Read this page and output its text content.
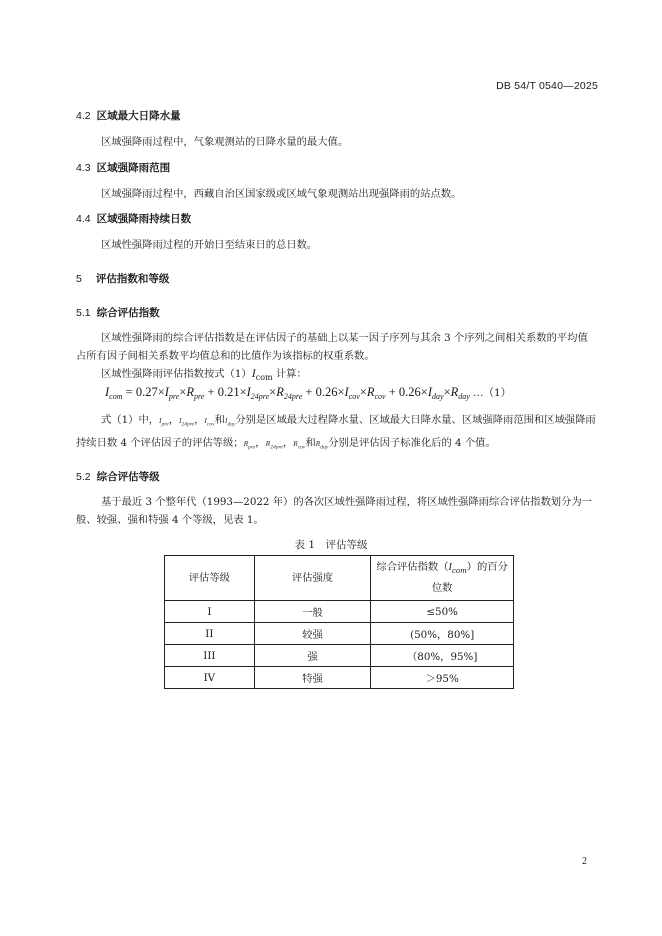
DB 54/T 0540—2025
4.2 区域最大日降水量
区域强降雨过程中，气象观测站的日降水量的最大值。
4.3 区域强降雨范围
区域强降雨过程中，西藏自治区国家级或区域气象观测站出现强降雨的站点数。
4.4 区域强降雨持续日数
区域性强降雨过程的开始日至结束日的总日数。
5 评估指数和等级
5.1 综合评估指数
区域性强降雨的综合评估指数是在评估因子的基础上以某一因子序列与其余 3 个序列之间相关系数的平均值占所有因子间相关系数平均值总和的比值作为该指标的权重系数。
区域性强降雨评估指数按式$(1)I_{com}$ 计算：
$I_{com} = 0.27\times I_{pre}\times R_{pre} + 0.21\times I_{24pre}\times R_{24pre} + 0.26\times I_{cov}\times R_{cov} + 0.26\times I_{day}\times R_{day}$ …（1）
式（1）中，$I_{pre}$，$I_{24pre}$，$I_{cov}$和$I_{day}$分别是区域最大过程降水量、区域最大日降水量、区域强降雨范围和区域强降雨持续日数 4 个评估因子的评估等级；$R_{pre}$，$R_{24pre}$，$R_{cov}$和$R_{day}$分别是评估因子标准化后的 4 个值。
5.2 综合评估等级
基于最近 3 个整年代（1993—2022 年）的各次区域性强降雨过程，将区域性强降雨综合评估指数划分为一般、较强、强和特强 4 个等级，见表 1。
表 1　评估等级
评估等级	评估强度	综合评估指数$(I_{com})$的百分位数
I	一般	≤50%
II	较强	(50%，80%]
III	强	（80%，95%]
IV	特强	＞95%
2
